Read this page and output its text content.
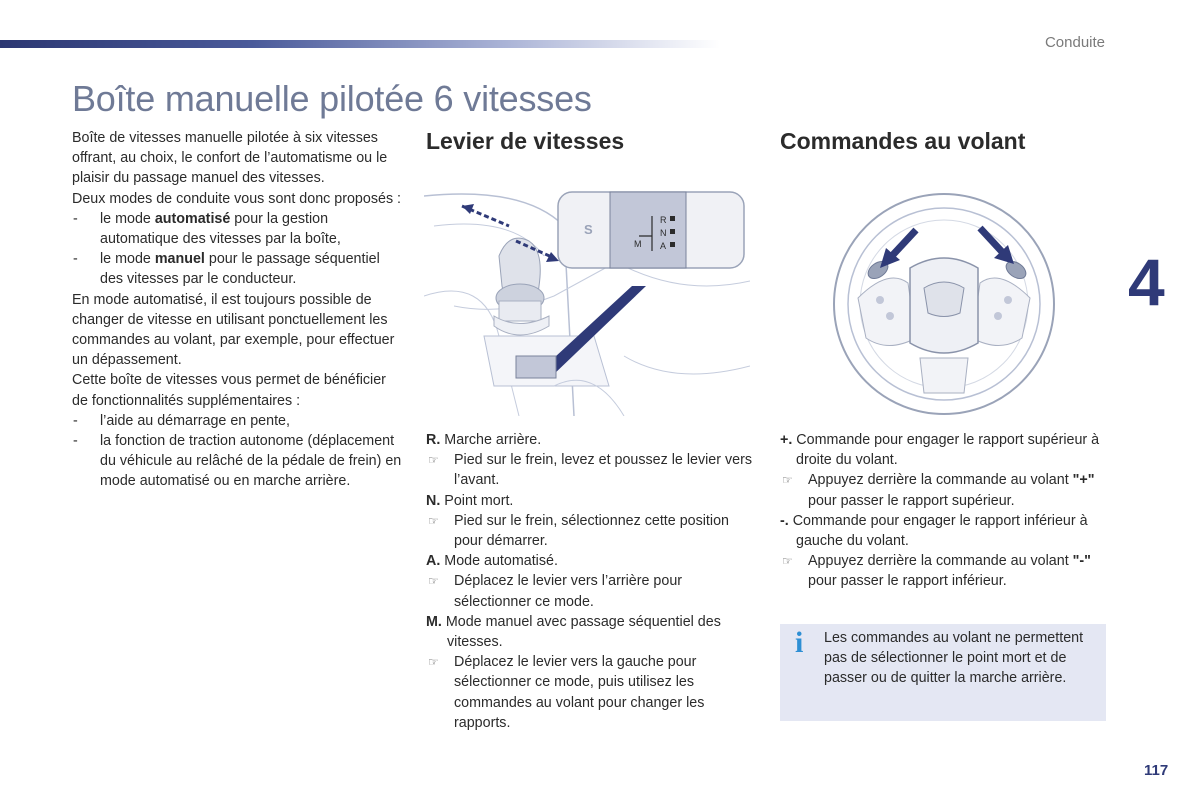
Conduite
Boîte manuelle pilotée 6 vitesses
4

Boîte de vitesses manuelle pilotée à six vitesses offrant, au choix, le confort de l’automatisme ou le plaisir du passage manuel des vitesses.

Deux modes de conduite vous sont donc proposés :

- le mode automatisé pour la gestion automatique des vitesses par la boîte,

- le mode manuel pour le passage séquentiel des vitesses par le conducteur.

En mode automatisé, il est toujours possible de changer de vitesse en utilisant ponctuellement les commandes au volant, par exemple, pour effectuer un dépassement.

Cette boîte de vitesses vous permet de bénéficier de fonctionnalités supplémentaires :

- l’aide au démarrage en pente,

- la fonction de traction autonome (déplacement du véhicule au relâché de la pédale de frein) en mode automatisé ou en marche arrière.

Levier de vitesses
S
R
N
A
M

R. Marche arrière.

☞ Pied sur le frein, levez et poussez le levier vers l’avant.

N. Point mort.

☞ Pied sur le frein, sélectionnez cette position pour démarrer.

A. Mode automatisé.

☞ Déplacez le levier vers l’arrière pour sélectionner ce mode.

M. Mode manuel avec passage séquentiel des vitesses.

☞ Déplacez le levier vers la gauche pour sélectionner ce mode, puis utilisez les commandes au volant pour changer les rapports.

Commandes au volant

+. Commande pour engager le rapport supérieur à droite du volant.

☞ Appuyez derrière la commande au volant "+" pour passer le rapport supérieur.

-. Commande pour engager le rapport inférieur à gauche du volant.

☞ Appuyez derrière la commande au volant "-" pour passer le rapport inférieur.

i Les commandes au volant ne permettent pas de sélectionner le point mort et de passer ou de quitter la marche arrière.
117
